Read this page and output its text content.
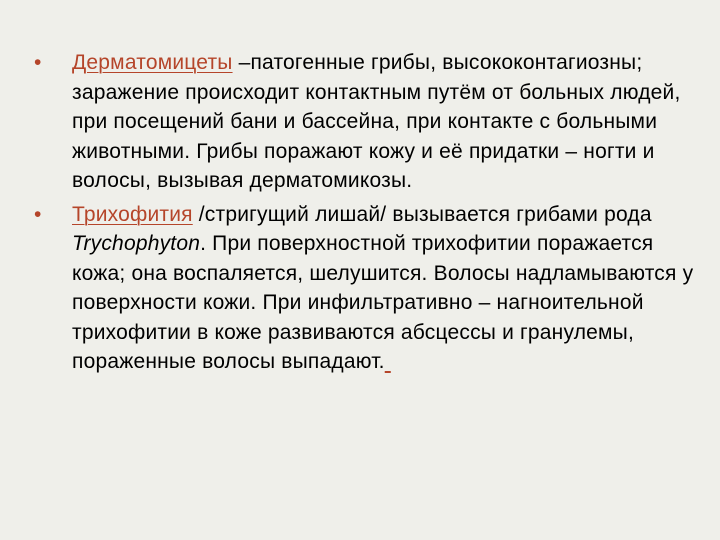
• Дерматомицеты –патогенные грибы, высококонтагиозны; заражение происходит контактным путём от больных людей, при посещений бани и бассейна, при контакте с больными животными. Грибы поражают кожу и её придатки – ногти и волосы, вызывая дерматомикозы.
• Трихофития /стригущий лишай/ вызывается грибами рода Trychophyton. При поверхностной трихофитии поражается кожа; она воспаляется, шелушится. Волосы надламываются у поверхности кожи. При инфильтративно – нагноительной трихофитии в коже развиваются абсцессы и гранулемы, пораженные волосы выпадают.
